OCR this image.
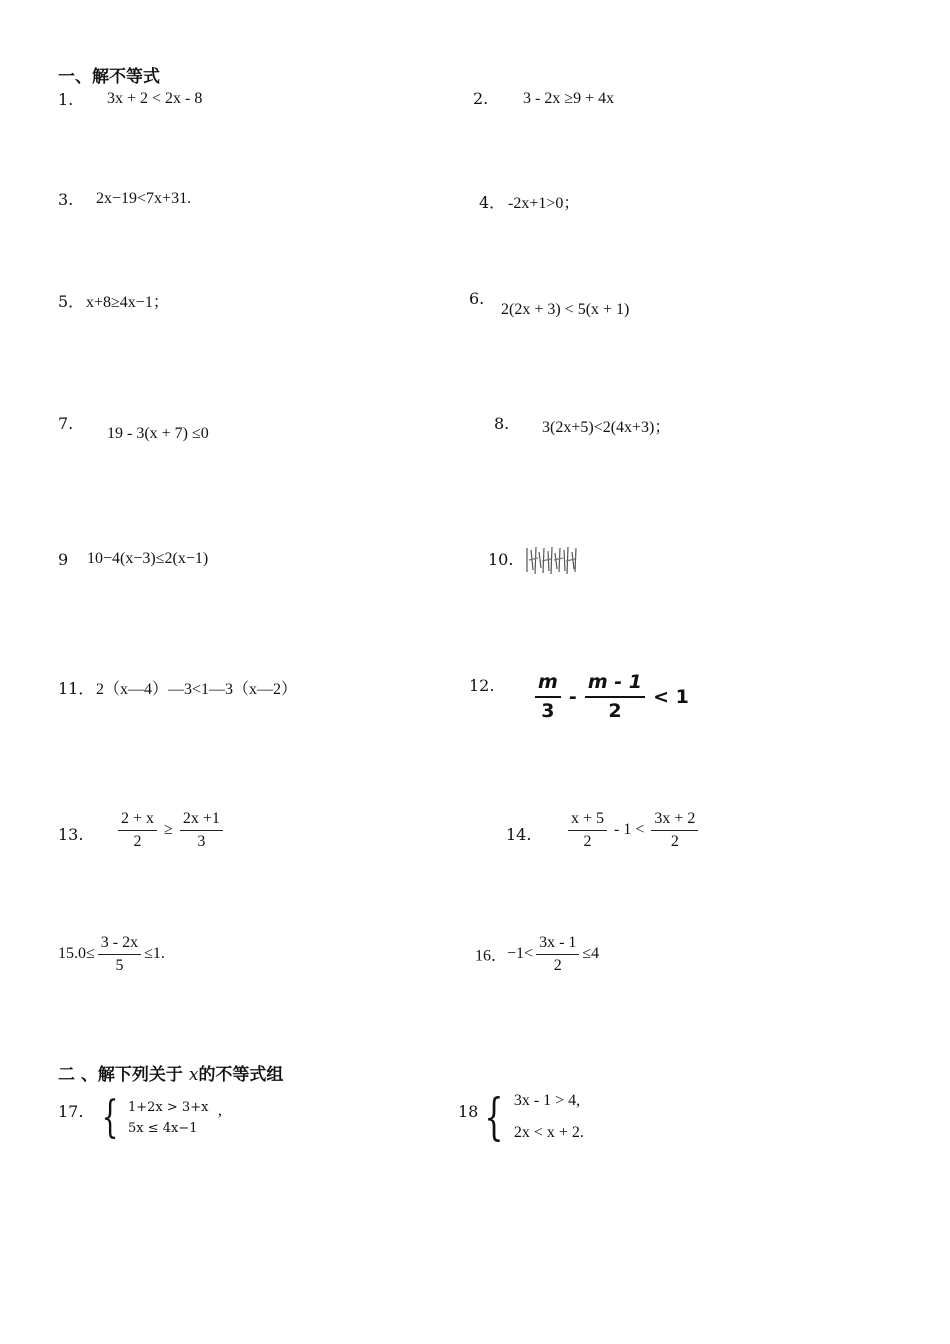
一、解不等式
1. 3x + 2 < 2x - 8	2. 3 - 2x ≥9 + 4x
3. 2x−19<7x+31.	4． -2x+1>0；
5． x+8≥4x−1；	6.
2(2x + 3) < 5(x + 1)
7.
19 - 3(x + 7) ≤0
8. 3(2x+5)<2(4x+3)；
9 10−4(x−3)≤2(x−1)	10.
11． 2（x—4）—3<1—3（x—2）	12. $\frac{m}{3} - \frac{m - 1}{2} < 1$
13. $\frac{2 + x}{2} \ge \frac{2x +1}{3}$	14. $\frac{x + 5}{2} - 1 < \frac{3x + 2}{2}$
$15.0\le \frac{3 - 2x}{5} \le 1$.	16．$-1< \frac{3x - 1}{2} \le 4$
二 、解下列关于 x的不等式组
17. { 1+2x > 3+x
5x ≤ 4x−1
,	18 { 3x - 1 > 4,
2x < x + 2.
